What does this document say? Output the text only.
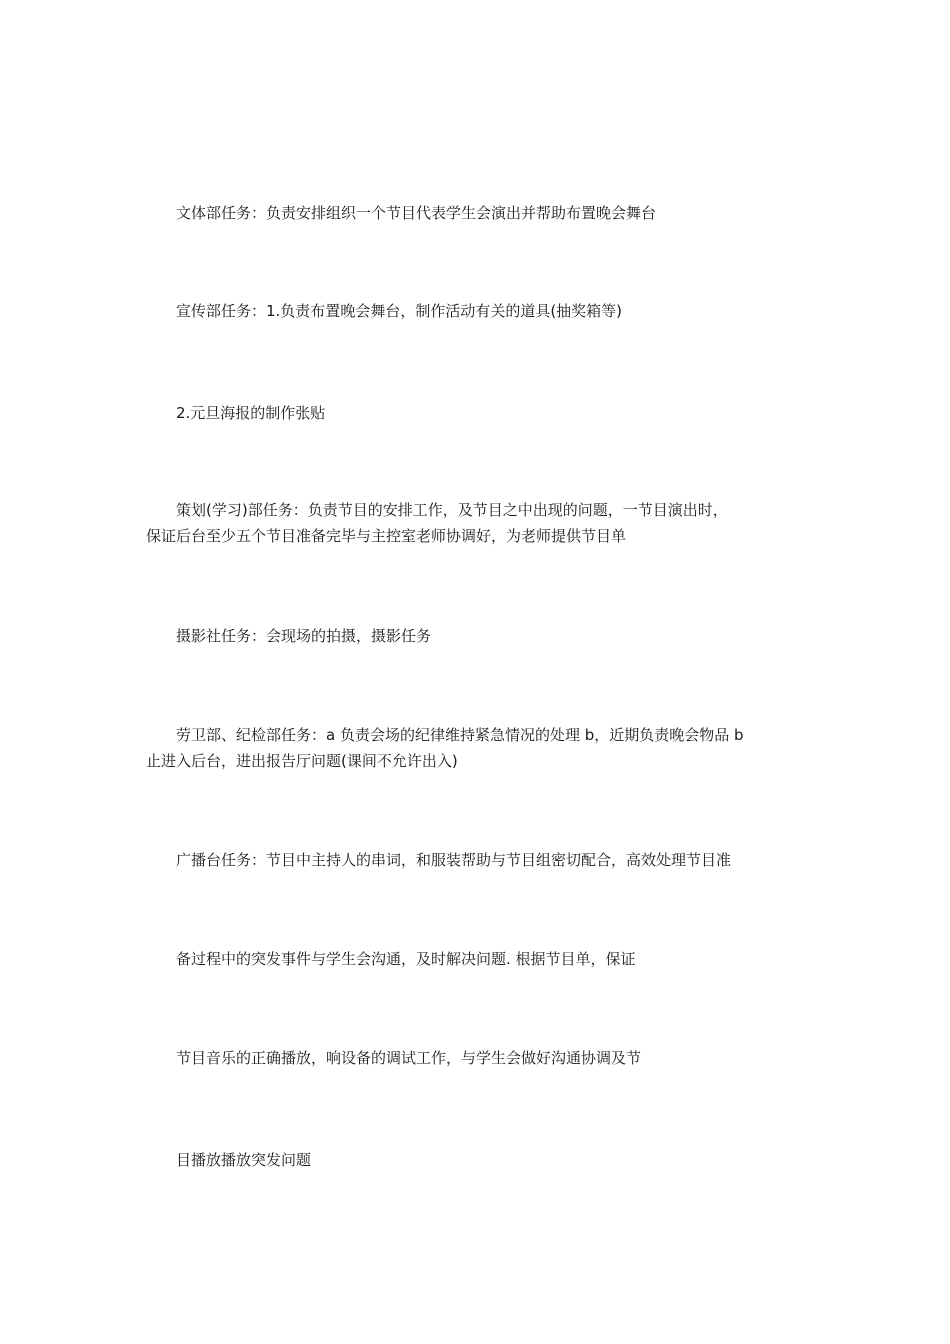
文体部任务：负责安排组织一个节目代表学生会演出并帮助布置晚会舞台

宣传部任务：1.负责布置晚会舞台，制作活动有关的道具(抽奖箱等)

2.元旦海报的制作张贴

策划(学习)部任务：负责节目的安排工作，及节目之中出现的问题，一节目演出时，
保证后台至少五个节目准备完毕与主控室老师协调好，为老师提供节目单

摄影社任务：会现场的拍摄，摄影任务

劳卫部、纪检部任务：a 负责会场的纪律维持紧急情况的处理 b，近期负责晚会物品 b
止进入后台，进出报告厅问题(课间不允许出入)

广播台任务：节目中主持人的串词，和服装帮助与节目组密切配合，高效处理节目准

备过程中的突发事件与学生会沟通，及时解决问题. 根据节目单，保证

节目音乐的正确播放，响设备的调试工作，与学生会做好沟通协调及节

目播放播放突发问题
